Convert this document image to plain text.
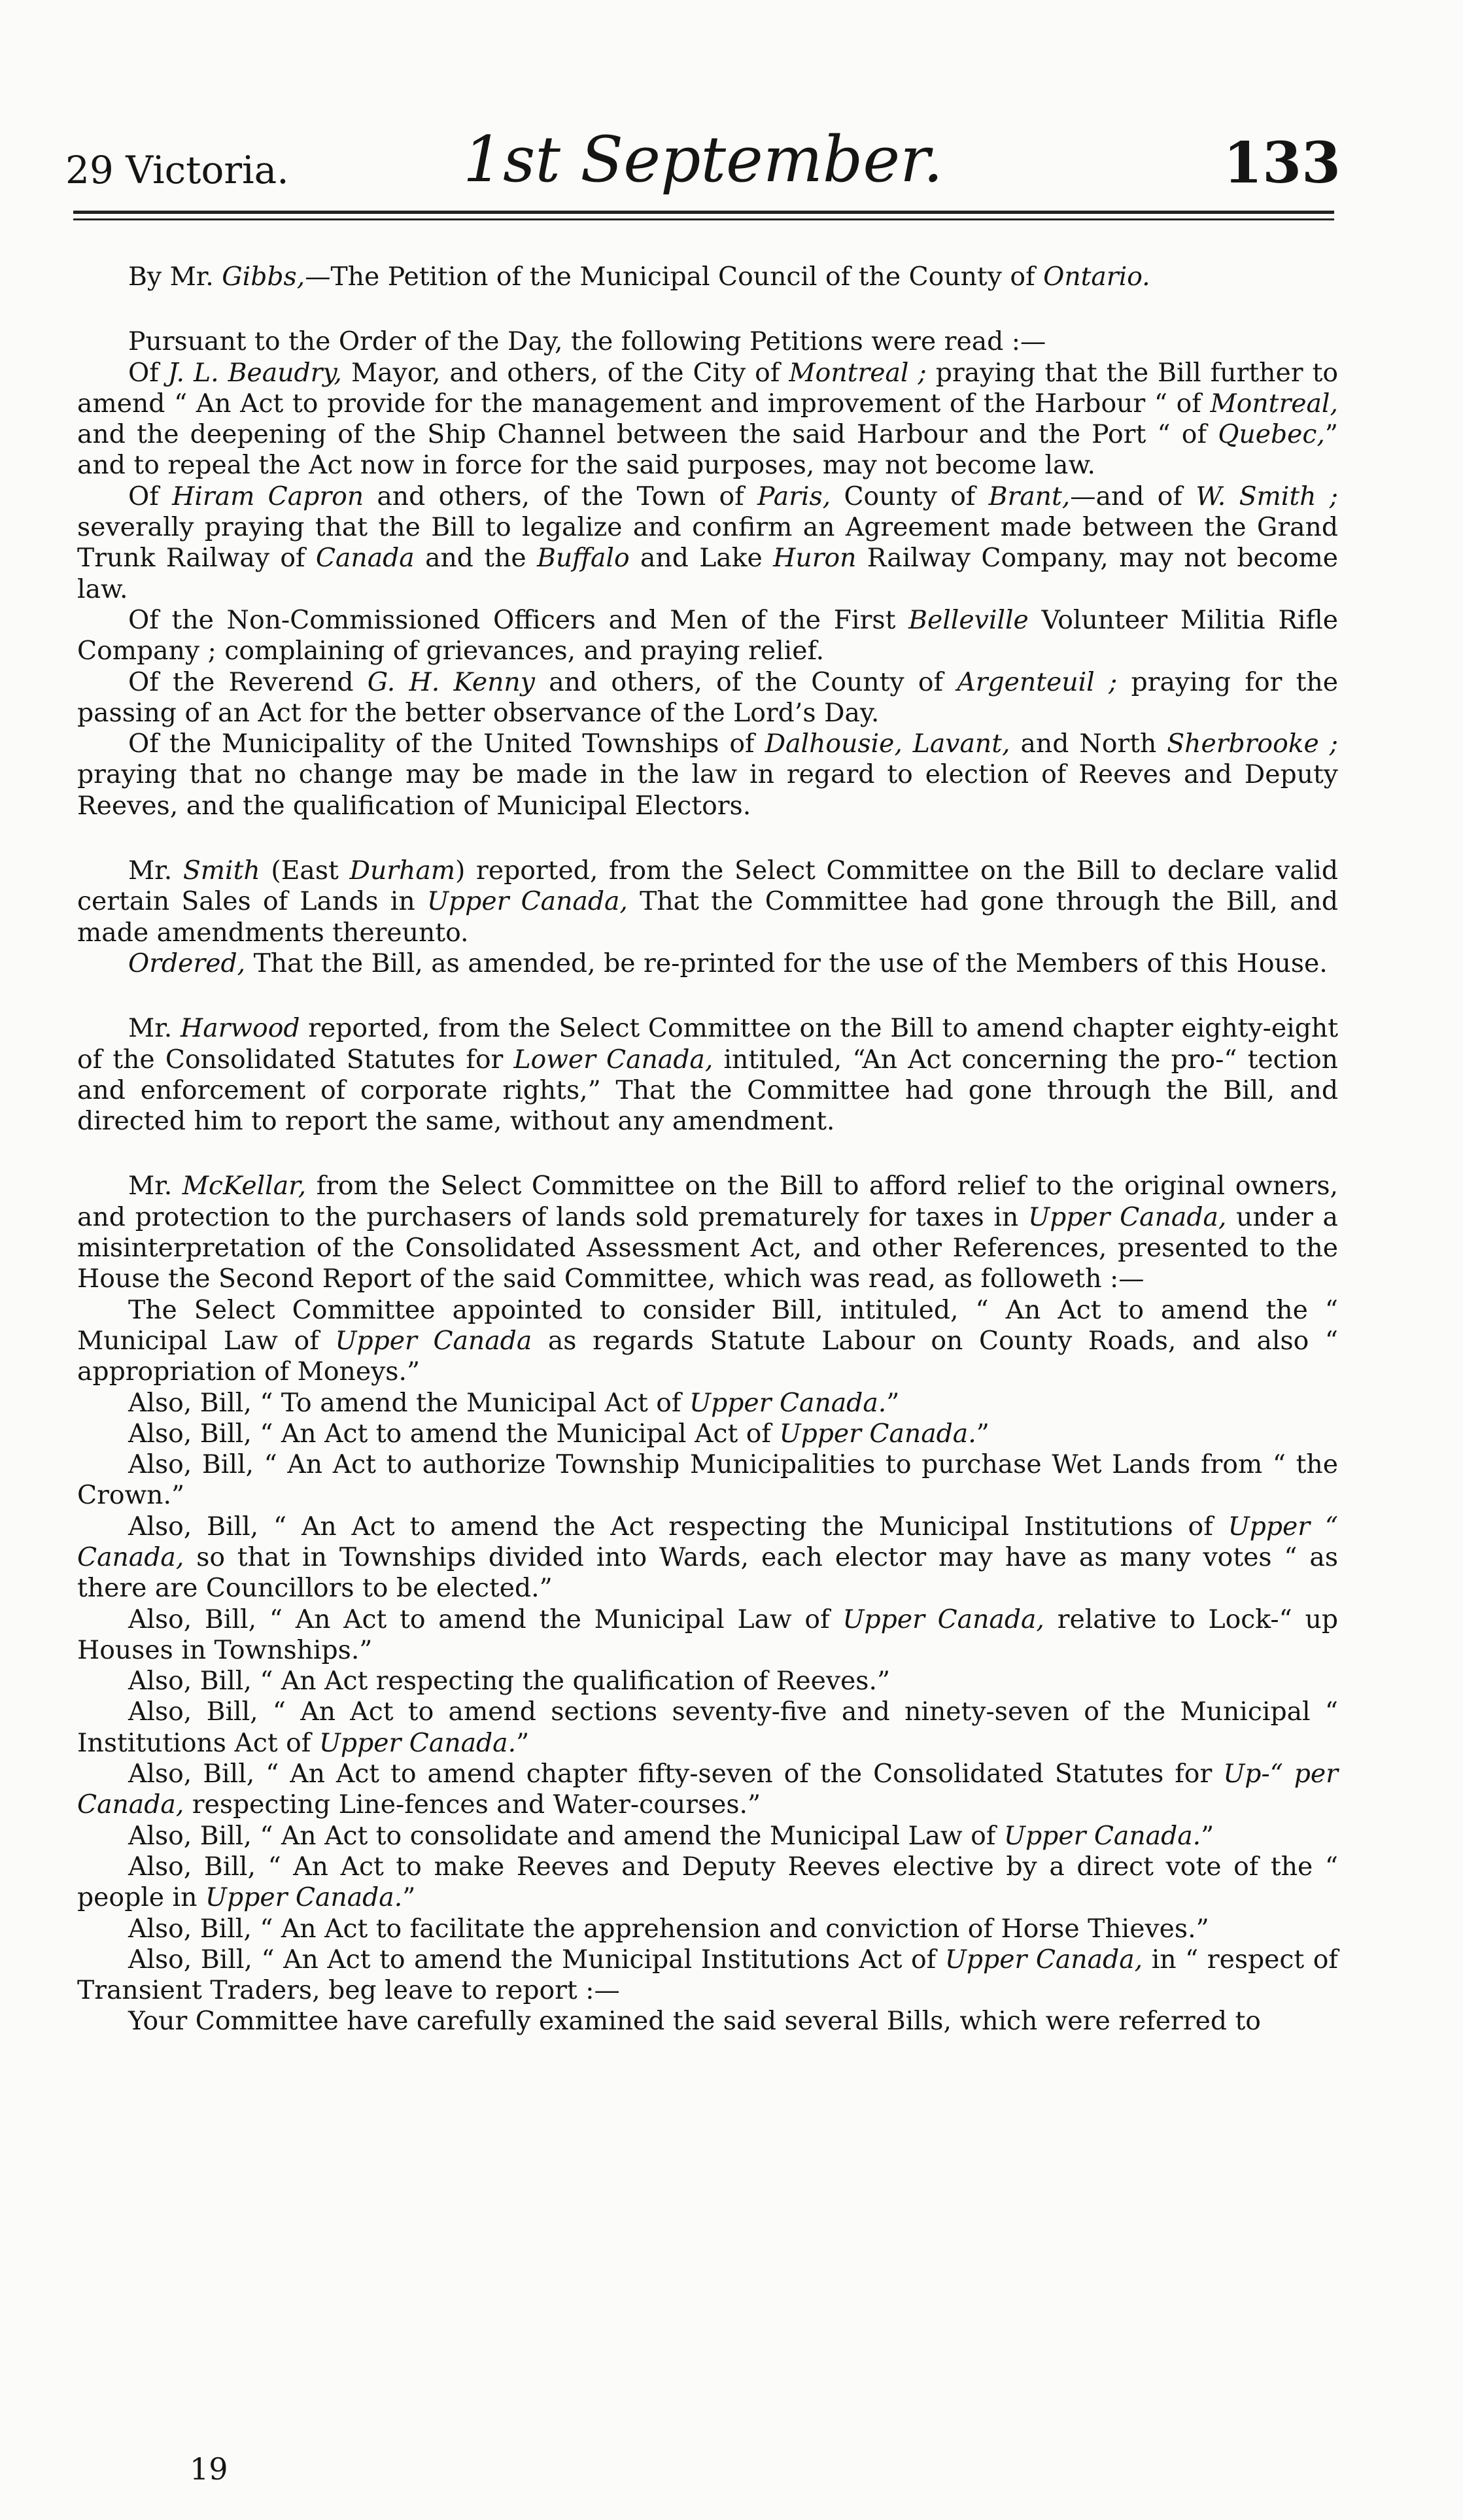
29 Victoria.	1st September.	133

By Mr. Gibbs,—The Petition of the Municipal Council of the County of Ontario.

Pursuant to the Order of the Day, the following Petitions were read :—

Of J. L. Beaudry, Mayor, and others, of the City of Montreal ; praying that the Bill further to amend “ An Act to provide for the management and improvement of the Harbour “ of Montreal, and the deepening of the Ship Channel between the said Harbour and the Port “ of Quebec,” and to repeal the Act now in force for the said purposes, may not become law.

Of Hiram Capron and others, of the Town of Paris, County of Brant,—and of W. Smith ; severally praying that the Bill to legalize and confirm an Agreement made between the Grand Trunk Railway of Canada and the Buffalo and Lake Huron Railway Company, may not become law.

Of the Non-Commissioned Officers and Men of the First Belleville Volunteer Militia Rifle Company ; complaining of grievances, and praying relief.

Of the Reverend G. H. Kenny and others, of the County of Argenteuil ; praying for the passing of an Act for the better observance of the Lord’s Day.

Of the Municipality of the United Townships of Dalhousie, Lavant, and North Sherbrooke ; praying that no change may be made in the law in regard to election of Reeves and Deputy Reeves, and the qualification of Municipal Electors.

Mr. Smith (East Durham) reported, from the Select Committee on the Bill to declare valid certain Sales of Lands in Upper Canada, That the Committee had gone through the Bill, and made amendments thereunto.

Ordered, That the Bill, as amended, be re-printed for the use of the Members of this House.

Mr. Harwood reported, from the Select Committee on the Bill to amend chapter eighty-eight of the Consolidated Statutes for Lower Canada, intituled, “An Act concerning the pro-“ tection and enforcement of corporate rights,” That the Committee had gone through the Bill, and directed him to report the same, without any amendment.

Mr. McKellar, from the Select Committee on the Bill to afford relief to the original owners, and protection to the purchasers of lands sold prematurely for taxes in Upper Canada, under a misinterpretation of the Consolidated Assessment Act, and other References, presented to the House the Second Report of the said Committee, which was read, as followeth :—

The Select Committee appointed to consider Bill, intituled, “ An Act to amend the “ Municipal Law of Upper Canada as regards Statute Labour on County Roads, and also “ appropriation of Moneys.”

Also, Bill, “ To amend the Municipal Act of Upper Canada.”

Also, Bill, “ An Act to amend the Municipal Act of Upper Canada.”

Also, Bill, “ An Act to authorize Township Municipalities to purchase Wet Lands from “ the Crown.”

Also, Bill, “ An Act to amend the Act respecting the Municipal Institutions of Upper “ Canada, so that in Townships divided into Wards, each elector may have as many votes “ as there are Councillors to be elected.”

Also, Bill, “ An Act to amend the Municipal Law of Upper Canada, relative to Lock-“ up Houses in Townships.”

Also, Bill, “ An Act respecting the qualification of Reeves.”

Also, Bill, “ An Act to amend sections seventy-five and ninety-seven of the Municipal “ Institutions Act of Upper Canada.”

Also, Bill, “ An Act to amend chapter fifty-seven of the Consolidated Statutes for Up-“ per Canada, respecting Line-fences and Water-courses.”

Also, Bill, “ An Act to consolidate and amend the Municipal Law of Upper Canada.”

Also, Bill, “ An Act to make Reeves and Deputy Reeves elective by a direct vote of the “ people in Upper Canada.”

Also, Bill, “ An Act to facilitate the apprehension and conviction of Horse Thieves.”

Also, Bill, “ An Act to amend the Municipal Institutions Act of Upper Canada, in “ respect of Transient Traders, beg leave to report :—

Your Committee have carefully examined the said several Bills, which were referred to

19
